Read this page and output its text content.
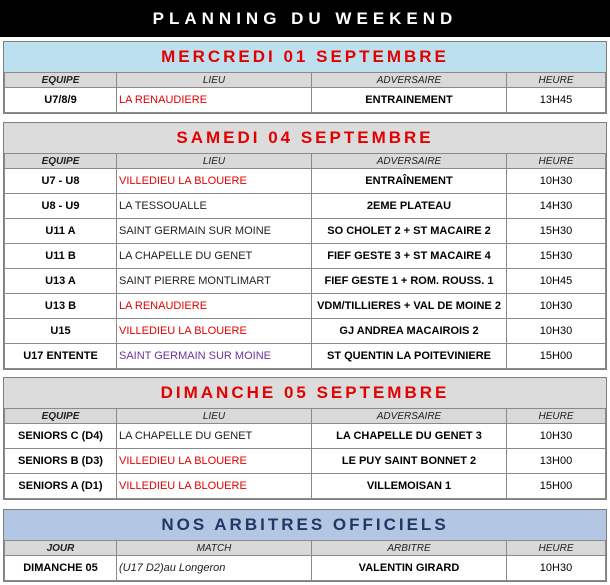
PLANNING DU WEEKEND
MERCREDI 01 SEPTEMBRE
EQUIPE	LIEU	ADVERSAIRE	HEURE
U7/8/9	LA RENAUDIERE	ENTRAINEMENT	13H45
SAMEDI 04 SEPTEMBRE
EQUIPE	LIEU	ADVERSAIRE	HEURE
U7 - U8	VILLEDIEU LA BLOUERE	ENTRAÎNEMENT	10H30
U8 - U9	LA TESSOUALLE	2EME PLATEAU	14H30
U11 A	SAINT GERMAIN SUR MOINE	SO CHOLET 2 + ST MACAIRE 2	15H30
U11 B	LA CHAPELLE DU GENET	FIEF GESTE 3 + ST MACAIRE 4	15H30
U13 A	SAINT PIERRE MONTLIMART	FIEF GESTE 1 + ROM. ROUSS. 1	10H45
U13 B	LA RENAUDIERE	VDM/TILLIERES + VAL DE MOINE 2	10H30
U15	VILLEDIEU LA BLOUERE	GJ ANDREA MACAIROIS 2	10H30
U17 ENTENTE	SAINT GERMAIN SUR MOINE	ST QUENTIN LA POITEVINIERE	15H00
DIMANCHE 05 SEPTEMBRE
EQUIPE	LIEU	ADVERSAIRE	HEURE
SENIORS C (D4)	LA CHAPELLE DU GENET	LA CHAPELLE DU GENET 3	10H30
SENIORS B (D3)	VILLEDIEU LA BLOUERE	LE PUY SAINT BONNET 2	13H00
SENIORS A (D1)	VILLEDIEU LA BLOUERE	VILLEMOISAN 1	15H00
NOS ARBITRES OFFICIELS
JOUR	MATCH	ARBITRE	HEURE
DIMANCHE 05	(U17 D2)au Longeron	VALENTIN GIRARD	10H30
